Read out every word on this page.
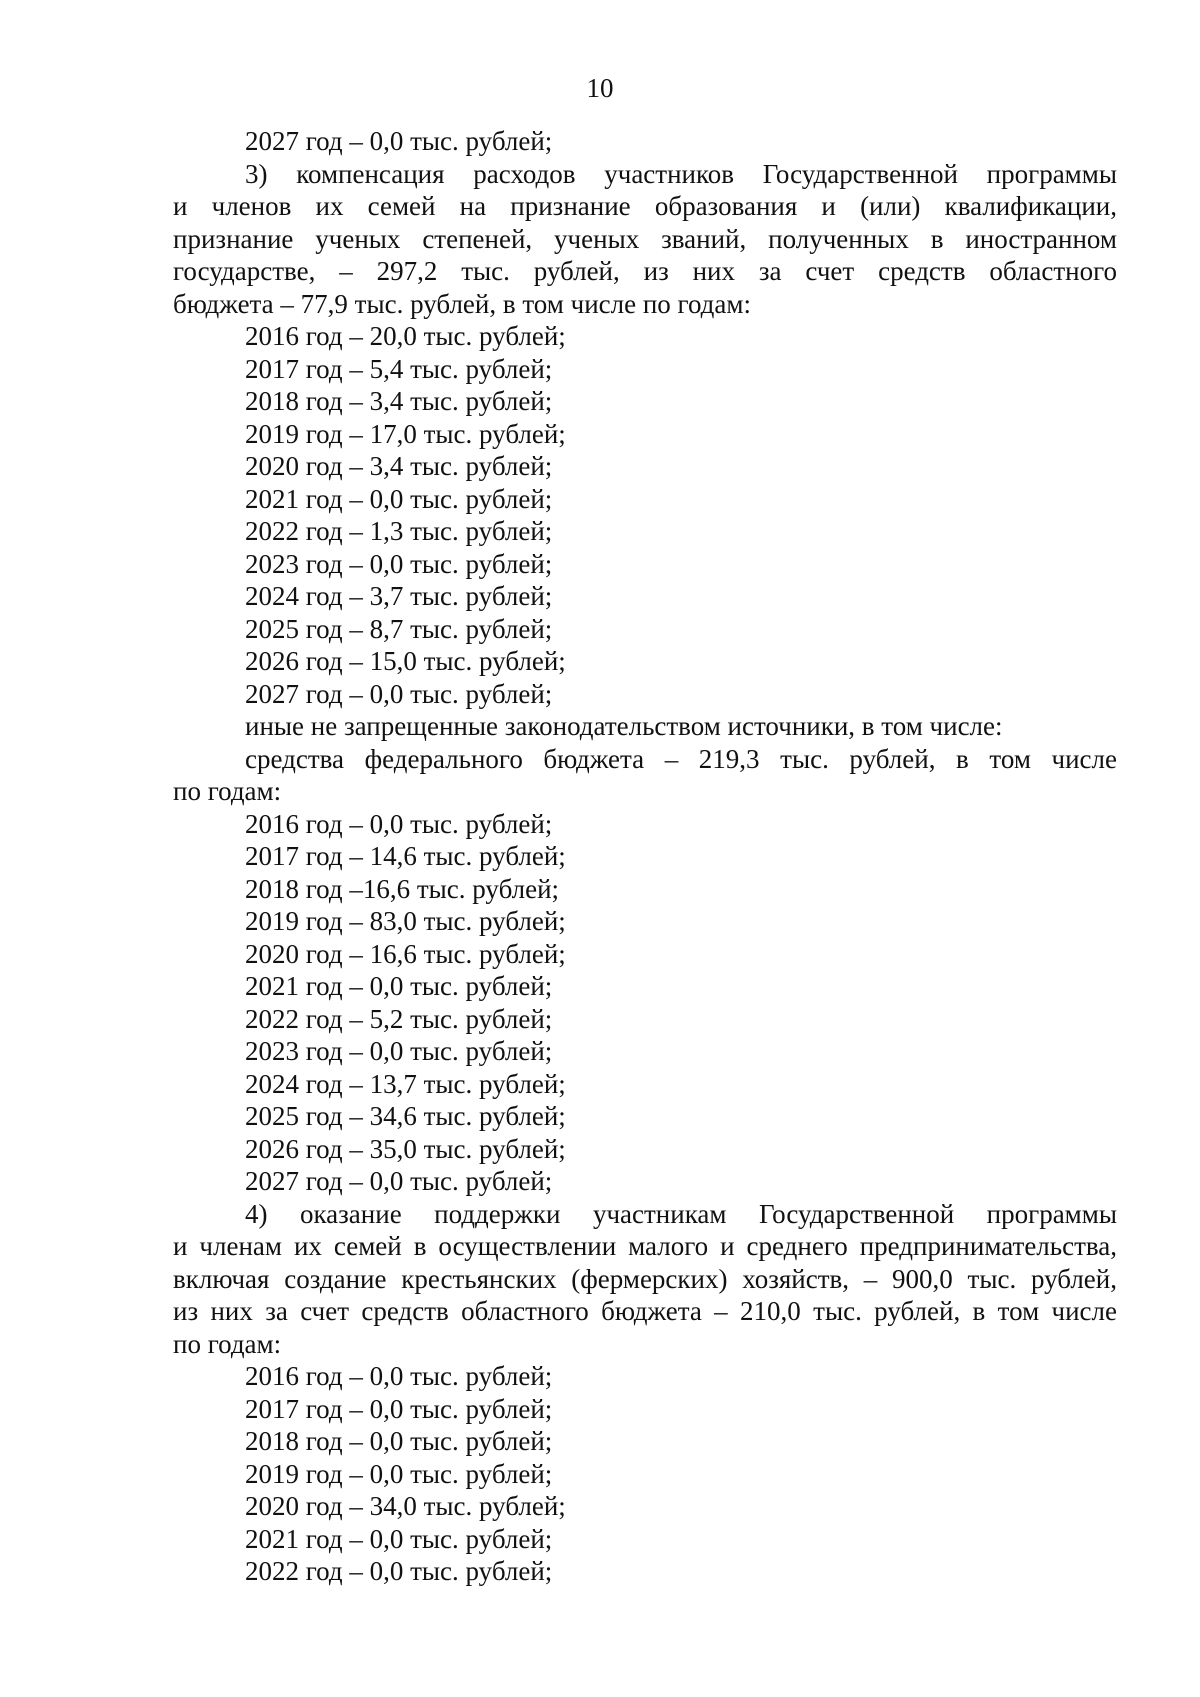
10
2027 год – 0,0 тыс. рублей;
3) компенсация расходов участников Государственной программы
и членов их семей на признание образования и (или) квалификации,
признание ученых степеней, ученых званий, полученных в иностранном
государстве, – 297,2 тыс. рублей, из них за счет средств областного
бюджета – 77,9 тыс. рублей, в том числе по годам:
2016 год – 20,0 тыс. рублей;
2017 год – 5,4 тыс. рублей;
2018 год – 3,4 тыс. рублей;
2019 год – 17,0 тыс. рублей;
2020 год – 3,4 тыс. рублей;
2021 год – 0,0 тыс. рублей;
2022 год – 1,3 тыс. рублей;
2023 год – 0,0 тыс. рублей;
2024 год – 3,7 тыс. рублей;
2025 год – 8,7 тыс. рублей;
2026 год – 15,0 тыс. рублей;
2027 год – 0,0 тыс. рублей;
иные не запрещенные законодательством источники, в том числе:
средства федерального бюджета – 219,3 тыс. рублей, в том числе
по годам:
2016 год – 0,0 тыс. рублей;
2017 год – 14,6 тыс. рублей;
2018 год –16,6 тыс. рублей;
2019 год – 83,0 тыс. рублей;
2020 год – 16,6 тыс. рублей;
2021 год – 0,0 тыс. рублей;
2022 год – 5,2 тыс. рублей;
2023 год – 0,0 тыс. рублей;
2024 год – 13,7 тыс. рублей;
2025 год – 34,6 тыс. рублей;
2026 год – 35,0 тыс. рублей;
2027 год – 0,0 тыс. рублей;
4) оказание поддержки участникам Государственной программы
и членам их семей в осуществлении малого и среднего предпринимательства,
включая создание крестьянских (фермерских) хозяйств, – 900,0 тыс. рублей,
из них за счет средств областного бюджета – 210,0 тыс. рублей, в том числе
по годам:
2016 год – 0,0 тыс. рублей;
2017 год – 0,0 тыс. рублей;
2018 год – 0,0 тыс. рублей;
2019 год – 0,0 тыс. рублей;
2020 год – 34,0 тыс. рублей;
2021 год – 0,0 тыс. рублей;
2022 год – 0,0 тыс. рублей;
